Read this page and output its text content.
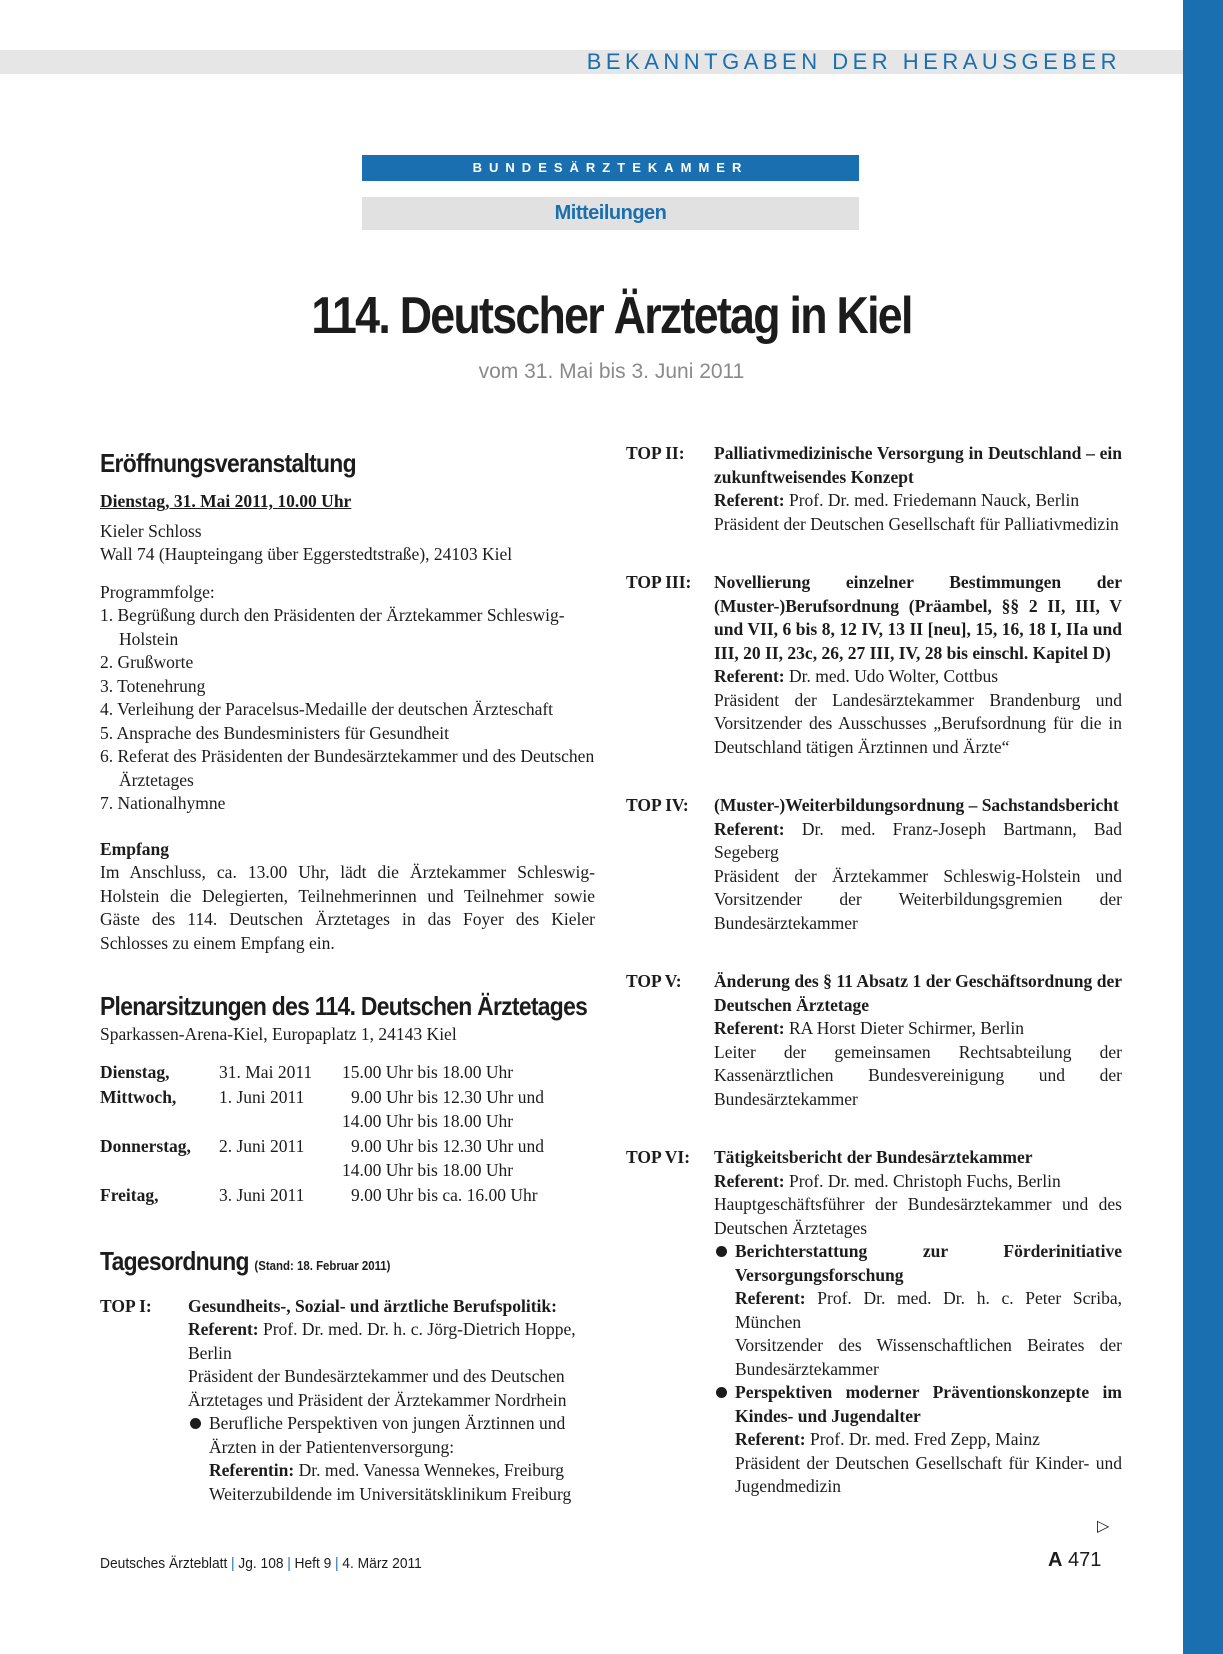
BEKANNTGABEN DER HERAUSGEBER
BUNDESÄRZTEKAMMER
Mitteilungen
114. Deutscher Ärztetag in Kiel
vom 31. Mai bis 3. Juni 2011
Eröffnungsveranstaltung
Dienstag, 31. Mai 2011, 10.00 Uhr

Kieler Schloss

Wall 74 (Haupteingang über Eggerstedtstraße), 24103 Kiel

Programmfolge:

1. Begrüßung durch den Präsidenten der Ärztekammer Schleswig-Holstein

2. Grußworte

3. Totenehrung

4. Verleihung der Paracelsus-Medaille der deutschen Ärzteschaft

5. Ansprache des Bundesministers für Gesundheit

6. Referat des Präsidenten der Bundesärztekammer und des Deutschen Ärztetages

7. Nationalhymne

Empfang

Im Anschluss, ca. 13.00 Uhr, lädt die Ärztekammer Schleswig-Holstein die Delegierten, Teilnehmerinnen und Teilnehmer sowie Gäste des 114. Deutschen Ärztetages in das Foyer des Kieler Schlosses zu einem Empfang ein.

Plenarsitzungen des 114. Deutschen Ärztetages

Sparkassen-Arena-Kiel, Europaplatz 1, 24143 Kiel

Dienstag,	31. Mai 2011	15.00 Uhr bis 18.00 Uhr
Mittwoch,	1. Juni 2011	9.00 Uhr bis 12.30 Uhr und
14.00 Uhr bis 18.00 Uhr
Donnerstag,	2. Juni 2011	9.00 Uhr bis 12.30 Uhr und
14.00 Uhr bis 18.00 Uhr
Freitag,	3. Juni 2011	9.00 Uhr bis ca. 16.00 Uhr
Tagesordnung (Stand: 18. Februar 2011)
TOP I:	Gesundheits-, Sozial- und ärztliche Berufspolitik:

Referent: Prof. Dr. med. Dr. h. c. Jörg-Dietrich Hoppe, Berlin

Präsident der Bundesärztekammer und des Deutschen Ärztetages und Präsident der Ärztekammer Nordrhein

Berufliche Perspektiven von jungen Ärztinnen und Ärzten in der Patientenversorgung:

Referentin: Dr. med. Vanessa Wennekes, Freiburg

Weiterzubildende im Universitätsklinikum Freiburg

TOP II:	Palliativmedizinische Versorgung in Deutschland – ein zukunftweisendes Konzept

Referent: Prof. Dr. med. Friedemann Nauck, Berlin

Präsident der Deutschen Gesellschaft für Palliativmedizin

TOP III:	Novellierung einzelner Bestimmungen der (Muster-)Berufsordnung (Präambel, §§ 2 II, III, V und VII, 6 bis 8, 12 IV, 13 II [neu], 15, 16, 18 I, IIa und III, 20 II, 23c, 26, 27 III, IV, 28 bis einschl. Kapitel D)

Referent: Dr. med. Udo Wolter, Cottbus

Präsident der Landesärztekammer Brandenburg und Vorsitzender des Ausschusses „Berufsordnung für die in Deutschland tätigen Ärztinnen und Ärzte“

TOP IV:	(Muster-)Weiterbildungsordnung – Sachstandsbericht

Referent: Dr. med. Franz-Joseph Bartmann, Bad Segeberg

Präsident der Ärztekammer Schleswig-Holstein und Vorsitzender der Weiterbildungsgremien der Bundesärztekammer

TOP V:	Änderung des § 11 Absatz 1 der Geschäftsordnung der Deutschen Ärztetage

Referent: RA Horst Dieter Schirmer, Berlin

Leiter der gemeinsamen Rechtsabteilung der Kassenärztlichen Bundesvereinigung und der Bundesärztekammer

TOP VI:	Tätigkeitsbericht der Bundesärztekammer

Referent: Prof. Dr. med. Christoph Fuchs, Berlin

Hauptgeschäftsführer der Bundesärztekammer und des Deutschen Ärztetages

Berichterstattung zur Förderinitiative Versorgungsforschung

Referent: Prof. Dr. med. Dr. h. c. Peter Scriba, München

Vorsitzender des Wissenschaftlichen Beirates der Bundesärztekammer

Perspektiven moderner Präventionskonzepte im Kindes- und Jugendalter

Referent: Prof. Dr. med. Fred Zepp, Mainz

Präsident der Deutschen Gesellschaft für Kinder- und Jugendmedizin

▷
Deutsches Ärzteblatt | Jg. 108 | Heft 9 | 4. März 2011	A 471
